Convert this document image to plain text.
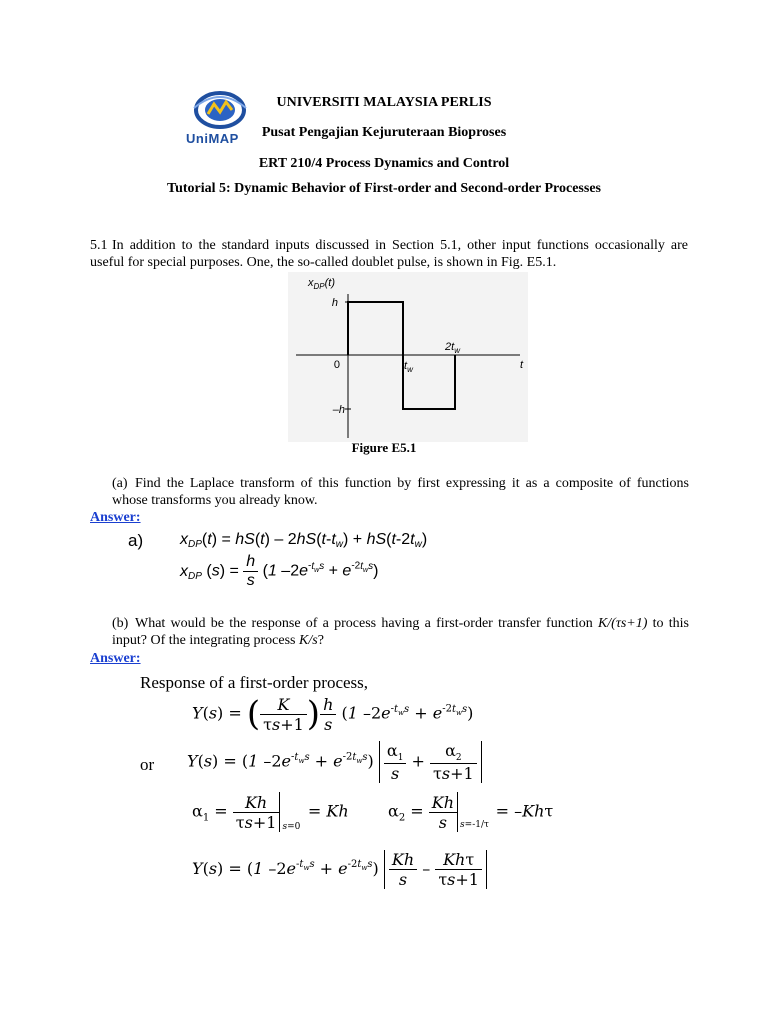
UniMAP
UNIVERSITI MALAYSIA PERLIS
Pusat Pengajian Kejuruteraan Bioproses
ERT 210/4 Process Dynamics and Control
Tutorial 5: Dynamic Behavior of First-order and Second-order Processes
5.1 In addition to the standard inputs discussed in Section 5.1, other input functions occasionally are useful for special purposes. One, the so-called doublet pulse, is shown in Fig. E5.1.
$x_{DP}(t)$
h
0
–h
$t_w$
$2t_w$
t
Figure E5.1
(a) Find the Laplace transform of this function by first expressing it as a composite of functions whose transforms you already know.
Answer:
a) $x_{DP}(t) = hS(t) - 2hS(t-t_w) + hS(t-2t_w)$
$x_{DP}$ $(s) = \frac{h}{s} (1$ $-2e^{-t_ws} + e^{-2t_ws}$)
(b) What would be the response of a process having a first-order transfer function K/(τs+1) to this input? Of the integrating process K/s?
Answer:
Response of a first-order process,
Y(s) = ( $\frac{K}{\tau s+1}$ ) $\frac{h}{s} (1$ $-2e^{-t_ws} + e^{-2t_ws}$)
or Y(s) = (1 $-2e^{-t_ws} + e^{-2t_ws}) \frac{\alpha_1}{s} + \frac{\alpha_2}{\tau s+1}$
$\alpha_1 = \frac{Kh}{\tau s+1} s=0$
= Kh $\alpha_2 = \frac{Kh}{s} s=-1/\tau$
= –Khτ
Y(s) = (1 $-2e^{-t_ws} + e^{-2t_ws}) \frac{Kh}{s} - \frac{\text{Khτ}}{\tau s+1}$
